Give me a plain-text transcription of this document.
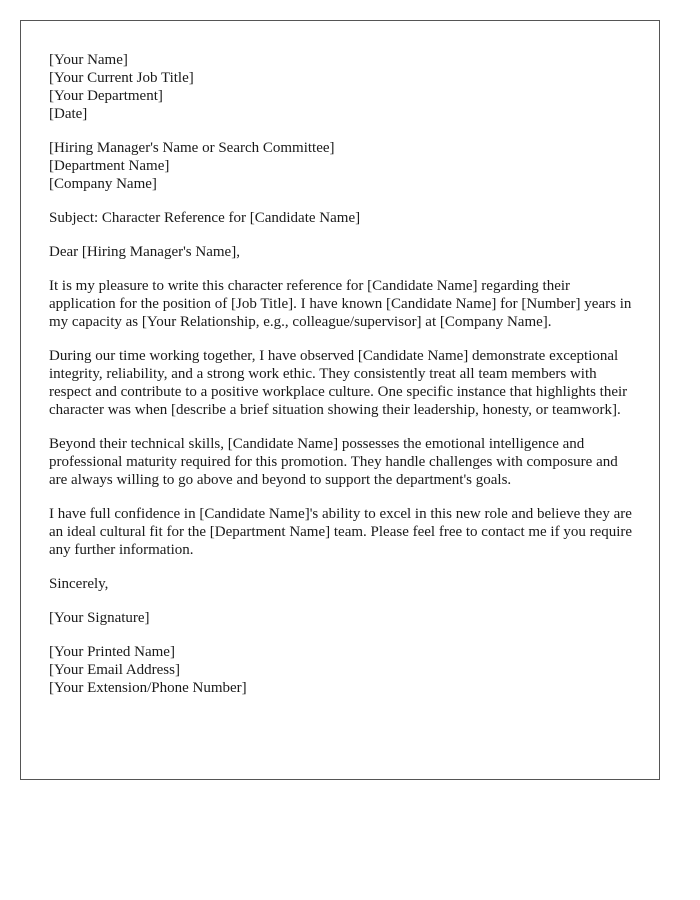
[Your Name]
[Your Current Job Title]
[Your Department]
[Date]
[Hiring Manager's Name or Search Committee]
[Department Name]
[Company Name]

Subject: Character Reference for [Candidate Name]

Dear [Hiring Manager's Name],

It is my pleasure to write this character reference for [Candidate Name] regarding their application for the position of [Job Title]. I have known [Candidate Name] for [Number] years in my capacity as [Your Relationship, e.g., colleague/supervisor] at [Company Name].

During our time working together, I have observed [Candidate Name] demonstrate exceptional integrity, reliability, and a strong work ethic. They consistently treat all team members with respect and contribute to a positive workplace culture. One specific instance that highlights their character was when [describe a brief situation showing their leadership, honesty, or teamwork].

Beyond their technical skills, [Candidate Name] possesses the emotional intelligence and professional maturity required for this promotion. They handle challenges with composure and are always willing to go above and beyond to support the department's goals.

I have full confidence in [Candidate Name]'s ability to excel in this new role and believe they are an ideal cultural fit for the [Department Name] team. Please feel free to contact me if you require any further information.

Sincerely,

[Your Signature]

[Your Printed Name]
[Your Email Address]
[Your Extension/Phone Number]
